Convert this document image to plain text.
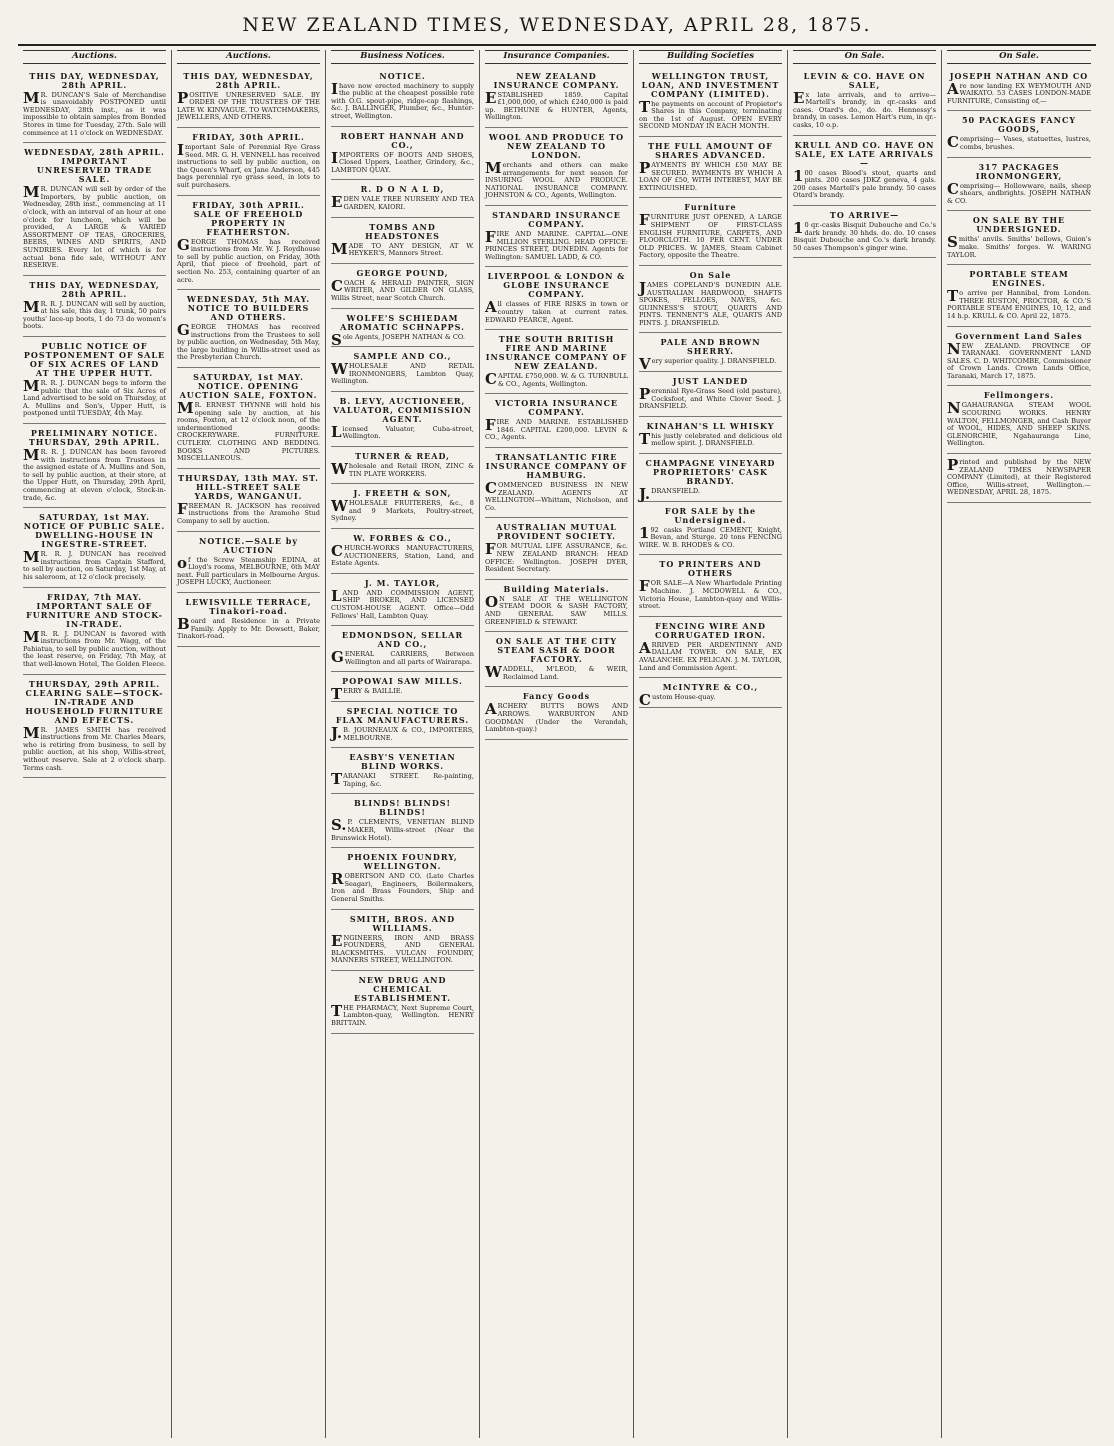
NEW ZEALAND TIMES, WEDNESDAY, APRIL 28, 1875.
Auctions.
THIS DAY, WEDNESDAY, 28th APRIL.

MR. DUNCAN'S Sale of Merchandise is unavoidably POSTPONED until WEDNESDAY, 28th inst., as it was impossible to obtain samples from Bonded Stores in time for Tuesday, 27th. Sale will commence at 11 o'clock on WEDNESDAY.

WEDNESDAY, 28th APRIL. IMPORTANT UNRESERVED TRADE SALE.

MR. DUNCAN will sell by order of the Importers, by public auction, on Wednesday, 28th inst., commencing at 11 o'clock, with an interval of an hour at one o'clock for luncheon, which will be provided, A LARGE & VARIED ASSORTMENT OF TEAS, GROCERIES, BEERS, WINES AND SPIRITS, AND SUNDRIES. Every lot of which is for actual bona fide sale, WITHOUT ANY RESERVE.

THIS DAY, WEDNESDAY, 28th APRIL.

MR. R. J. DUNCAN will sell by auction, at his sale, this day, 1 trunk, 50 pairs youths' lace-up boots, 1 do 73 do women's boots.

PUBLIC NOTICE OF POSTPONEMENT OF SALE OF SIX ACRES OF LAND AT THE UPPER HUTT.

MR. R. J. DUNCAN begs to inform the public that the sale of Six Acres of Land advertised to be sold on Thursday, at A. Mullins and Son's, Upper Hutt, is postponed until TUESDAY, 4th May.

PRELIMINARY NOTICE. THURSDAY, 29th APRIL.

MR. R. J. DUNCAN has been favored with instructions from Trustees in the assigned estate of A. Mullins and Son, to sell by public auction, at their store, at the Upper Hutt, on Thursday, 29th April, commencing at eleven o'clock, Stock-in-trade, &c.

SATURDAY, 1st MAY. NOTICE OF PUBLIC SALE. DWELLING-HOUSE IN INGESTRE-STREET.

MR. R. J. DUNCAN has received instructions from Captain Stafford, to sell by auction, on Saturday, 1st May, at his saleroom, at 12 o'clock precisely.

FRIDAY, 7th MAY. IMPORTANT SALE OF FURNITURE AND STOCK-IN-TRADE.

MR. R. J. DUNCAN is favored with instructions from Mr. Wagg, of the Pahiatua, to sell by public auction, without the least reserve, on Friday, 7th May, at that well-known Hotel, The Golden Fleece.

THURSDAY, 29th APRIL. CLEARING SALE—STOCK-IN-TRADE AND HOUSEHOLD FURNITURE AND EFFECTS.

MR. JAMES SMITH has received instructions from Mr. Charles Mears, who is retiring from business, to sell by public auction, at his shop, Willis-street, without reserve. Sale at 2 o'clock sharp. Terms cash.

Auctions.
THIS DAY, WEDNESDAY, 28th APRIL.

POSITIVE UNRESERVED SALE. BY ORDER OF THE TRUSTEES OF THE LATE W. KINVAGUE. TO WATCHMAKERS, JEWELLERS, AND OTHERS.

FRIDAY, 30th APRIL.

Important Sale of Perennial Rye Grass Seed. MR. G. H. VENNELL has received instructions to sell by public auction, on the Queen's Wharf, ex Jane Anderson, 445 bags perennial rye grass seed, in lots to suit purchasers.

FRIDAY, 30th APRIL. SALE OF FREEHOLD PROPERTY IN FEATHERSTON.

GEORGE THOMAS has received instructions from Mr. W. J. Roydhouse to sell by public auction, on Friday, 30th April, that piece of freehold, part of section No. 253, containing quarter of an acre.

WEDNESDAY, 5th MAY. NOTICE TO BUILDERS AND OTHERS.

GEORGE THOMAS has received instructions from the Trustees to sell by public auction, on Wednesday, 5th May, the large building in Willis-street used as the Presbyterian Church.

SATURDAY, 1st MAY. NOTICE. OPENING AUCTION SALE, FOXTON.

MR. ERNEST THYNNE will hold his opening sale by auction, at his rooms, Foxton, at 12 o'clock noon, of the undermentioned goods: CROCKERYWARE. FURNITURE. CUTLERY. CLOTHING AND BEDDING. BOOKS AND PICTURES. MISCELLANEOUS.

THURSDAY, 13th MAY. ST. HILL-STREET SALE YARDS, WANGANUI.

FREEMAN R. JACKSON has received instructions from the Aramoho Stud Company to sell by auction.

NOTICE.—SALE by AUCTION

of the Screw Steamship EDINA, at Lloyd's rooms, MELBOURNE, 6th MAY next. Full particulars in Melbourne Argus. JOSEPH LUCKY, Auctioneer.

LEWISVILLE TERRACE, Tinakori-road.

Board and Residence in a Private Family. Apply to Mr. Dowsett, Baker, Tinakori-road.

Business Notices.
NOTICE.

Ihave now erected machinery to supply the public at the cheapest possible rate with O.G. spout-pipe, ridge-cap flashings, &c. J. BALLINGER, Plumber, &c., Hunter-street, Wellington.

ROBERT HANNAH AND CO.,

IMPORTERS OF BOOTS AND SHOES, Closed Uppers, Leather, Grindery, &c., LAMBTON QUAY.

R. D O N A L D,

EDEN VALE TREE NURSERY AND TEA GARDEN, KAIORI.

TOMBS AND HEADSTONES

MADE TO ANY DESIGN, AT W. HEYKER'S, Manners Street.

GEORGE POUND,

COACH & HERALD PAINTER, SIGN WRITER, AND GILDER ON GLASS, Willis Street, near Scotch Church.

WOLFE'S SCHIEDAM AROMATIC SCHNAPPS.

Sole Agents, JOSEPH NATHAN & CO.

SAMPLE AND CO.,

WHOLESALE AND RETAIL IRONMONGERS, Lambton Quay, Wellington.

B. LEVY, AUCTIONEER, VALUATOR, COMMISSION AGENT.

Licensed Valuator, Cuba-street, Wellington.

TURNER & READ,

Wholesale and Retail IRON, ZINC & TIN PLATE WORKERS.

J. FREETH & SON,

WHOLESALE FRUITERERS, &c., 8 and 9 Markets, Poultry-street, Sydney.

W. FORBES & CO.,

CHURCH-WORKS MANUFACTURERS, AUCTIONEERS, Station, Land, and Estate Agents.

J. M. TAYLOR,

LAND AND COMMISSION AGENT, SHIP BROKER, AND LICENSED CUSTOM-HOUSE AGENT. Office—Odd Fellows' Hall, Lambton Quay.

EDMONDSON, SELLAR AND CO.,

GENERAL CARRIERS, Between Wellington and all parts of Wairarapa.

POPOWAI SAW MILLS.

TERRY & BAILLIE.

SPECIAL NOTICE TO FLAX MANUFACTURERS.

J.B. JOURNEAUX & CO., IMPORTERS, MELBOURNE.

EASBY'S VENETIAN BLIND WORKS.

TARANAKI STREET. Re-painting, Taping, &c.

BLINDS! BLINDS! BLINDS!

S.P. CLEMENTS, VENETIAN BLIND MAKER, Willis-street (Near the Brunswick Hotel).

PHOENIX FOUNDRY, WELLINGTON.

ROBERTSON AND CO. (Late Charles Seagar), Engineers, Boilermakers, Iron and Brass Founders, Ship and General Smiths.

SMITH, BROS. AND WILLIAMS.

ENGINEERS, IRON AND BRASS FOUNDERS, AND GENERAL BLACKSMITHS. VULCAN FOUNDRY, MANNERS STREET, WELLINGTON.

NEW DRUG AND CHEMICAL ESTABLISHMENT.

THE PHARMACY, Next Supreme Court, Lambton-quay, Wellington. HENRY BRITTAIN.

Insurance Companies.
NEW ZEALAND INSURANCE COMPANY.

ESTABLISHED 1859. Capital £1,000,000, of which £240,000 is paid up. BETHUNE & HUNTER, Agents, Wellington.

WOOL AND PRODUCE TO NEW ZEALAND TO LONDON.

Merchants and others can make arrangements for next season for INSURING WOOL AND PRODUCE. NATIONAL INSURANCE COMPANY. JOHNSTON & CO., Agents, Wellington.

STANDARD INSURANCE COMPANY.

FIRE AND MARINE. CAPITAL—ONE MILLION STERLING. HEAD OFFICE: PRINCES STREET, DUNEDIN. Agents for Wellington: SAMUEL LADD, & CO.

LIVERPOOL & LONDON & GLOBE INSURANCE COMPANY.

All classes of FIRE RISKS in town or country taken at current rates. EDWARD PEARCE, Agent.

THE SOUTH BRITISH FIRE AND MARINE INSURANCE COMPANY OF NEW ZEALAND.

CAPITAL £750,000. W. & G. TURNBULL & CO., Agents, Wellington.

VICTORIA INSURANCE COMPANY.

FIRE AND MARINE. ESTABLISHED 1846. CAPITAL £200,000. LEVIN & CO., Agents.

TRANSATLANTIC FIRE INSURANCE COMPANY OF HAMBURG.

COMMENCED BUSINESS IN NEW ZEALAND. AGENTS AT WELLINGTON—Whittam, Nicholson, and Co.

AUSTRALIAN MUTUAL PROVIDENT SOCIETY.

FOR MUTUAL LIFE ASSURANCE, &c. NEW ZEALAND BRANCH: HEAD OFFICE: Wellington. JOSEPH DYER, Resident Secretary.

Building Materials.

ON SALE AT THE WELLINGTON STEAM DOOR & SASH FACTORY, AND GENERAL SAW MILLS. GREENFIELD & STEWART.

ON SALE AT THE CITY STEAM SASH & DOOR FACTORY.

WADDELL, M'LEOD, & WEIR, Reclaimed Land.

Fancy Goods

ARCHERY BUTTS BOWS AND ARROWS. WARBURTON AND GOODMAN (Under the Verandah, Lambton-quay.)

Building Societies
WELLINGTON TRUST, LOAN, AND INVESTMENT COMPANY (LIMITED).

The payments on account of Propietor's Shares in this Company, terminating on the 1st of August. OPEN EVERY SECOND MONDAY IN EACH MONTH.

THE FULL AMOUNT OF SHARES ADVANCED.

PAYMENTS BY WHICH £50 MAY BE SECURED. PAYMENTS BY WHICH A LOAN OF £50, WITH INTEREST, MAY BE EXTINGUISHED.

Furniture

FURNITURE JUST OPENED, A LARGE SHIPMENT OF FIRST-CLASS ENGLISH FURNITURE, CARPETS, AND FLOORCLOTH. 10 PER CENT. UNDER OLD PRICES. W. JAMES, Steam Cabinet Factory, opposite the Theatre.

On Sale

JAMES COPELAND'S DUNEDIN ALE. AUSTRALIAN HARDWOOD, SHAFTS SPOKES, FELLOES, NAVES, &c. GUINNESS'S STOUT, QUARTS AND PINTS. TENNENT'S ALE, QUARTS AND PINTS. J. DRANSFIELD.

PALE AND BROWN SHERRY.

Very superior quality. J. DRANSFIELD.

JUST LANDED

Perennial Rye-Grass Seed (old pasture), Cocksfoot, and White Clover Seed. J. DRANSFIELD.

KINAHAN'S LL WHISKY

This justly celebrated and delicious old mellow spirit. J. DRANSFIELD.

CHAMPAGNE VINEYARD PROPRIETORS' CASK BRANDY.

J.DRANSFIELD.

FOR SALE by the Undersigned.

192 casks Portland CEMENT, Knight, Bevan, and Sturge. 20 tons FENCING WIRE. W. B. RHODES & CO.

TO PRINTERS AND OTHERS

FOR SALE—A New Wharfedale Printing Machine. J. MCDOWELL & CO., Victoria House, Lambton-quay and Willis-street.

FENCING WIRE AND CORRUGATED IRON.

ARRIVED PER ARDENTINNY AND DALLAM TOWER. ON SALE, EX AVALANCHE. EX PELICAN. J. M. TAYLOR, Land and Commission Agent.

McINTYRE & CO.,

Custom House-quay.

On Sale.
LEVIN & CO. HAVE ON SALE,

Ex late arrivals, and to arrive— Martell's brandy, in qr.-casks and cases. Otard's do., do. do. Hennessy's brandy, in cases. Lemon Hart's rum, in qr.-casks, 10 o.p.

KRULL AND CO. HAVE ON SALE, EX LATE ARRIVALS—

100 cases Blood's stout, quarts and pints. 200 cases JDKZ geneva, 4 gals. 200 cases Martell's pale brandy. 50 cases Otard's brandy.

TO ARRIVE—

10 qr.-casks Bisquit Dubouche and Co.'s dark brandy. 30 hhds. do. do. 10 cases Bisquit Dubouche and Co.'s dark brandy. 50 cases Thompson's ginger wine.

On Sale.
JOSEPH NATHAN AND CO

Are now landing EX WEYMOUTH AND WAIKATO. 53 CASES LONDON-MADE FURNITURE, Consisting of,—

50 PACKAGES FANCY GOODS,

Comprising— Vases, statuettes, lustres, combs, brushes.

317 PACKAGES IRONMONGERY,

Comprising— Hollowware, nails, sheep shears, andbrights. JOSEPH NATHAN & CO.

ON SALE BY THE UNDERSIGNED.

Smiths' anvils. Smiths' bellows, Guion's make. Smiths' forges. W. WARING TAYLOR.

PORTABLE STEAM ENGINES.

To arrive per Hannibal, from London. THREE RUSTON, PROCTOR, & CO.'S PORTABLE STEAM ENGINES, 10, 12, and 14 h.p. KRULL & CO. April 22, 1875.

Government Land Sales

NEW ZEALAND. PROVINCE OF TARANAKI. GOVERNMENT LAND SALES. C. D. WHITCOMBE, Commissioner of Crown Lands. Crown Lands Office, Taranaki, March 17, 1875.

Fellmongers.

NGAHAURANGA STEAM WOOL SCOURING WORKS. HENRY WALTON, FELLMONGER, and Cash Buyer of WOOL, HIDES, AND SHEEP SKINS. GLENORCHIE, Ngahauranga Line, Wellington.

Printed and published by the NEW ZEALAND TIMES NEWSPAPER COMPANY (Limited), at their Registered Office, Willis-street, Wellington.—WEDNESDAY, APRIL 28, 1875.
